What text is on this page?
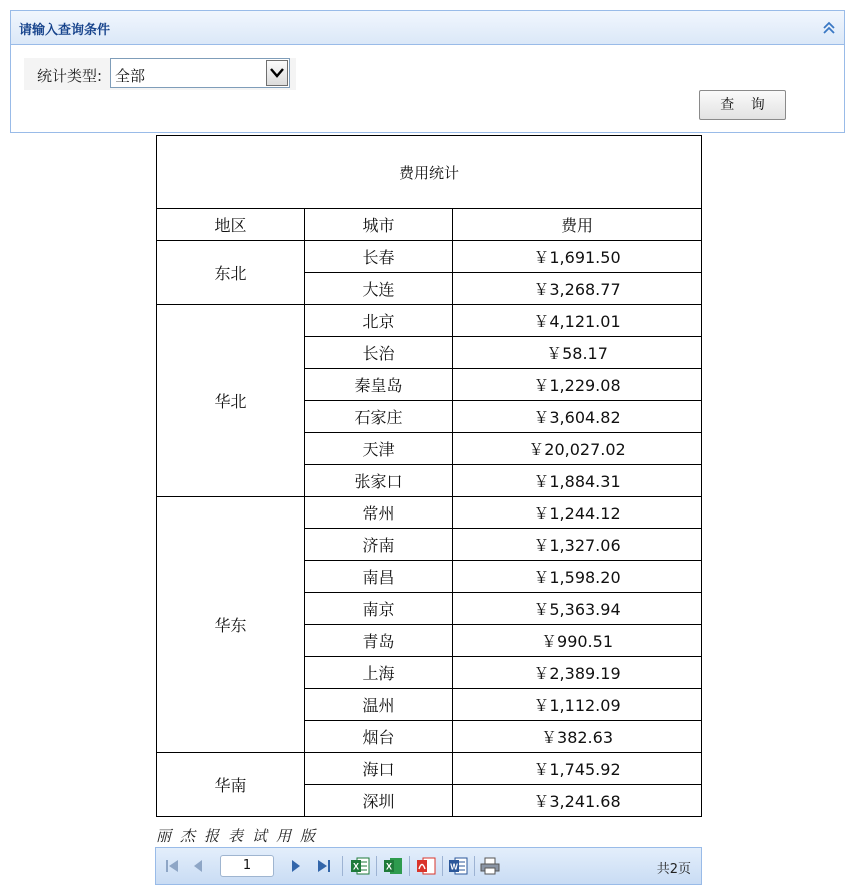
请输入查询条件
统计类型: 全部
查 询
费用统计		
地区	城市	费用
东北	长春	￥1,691.50
	大连	￥3,268.77
华北	北京	￥4,121.01
	长治	￥58.17
	秦皇岛	￥1,229.08
	石家庄	￥3,604.82
	天津	￥20,027.02
	张家口	￥1,884.31
华东	常州	￥1,244.12
	济南	￥1,327.06
	南昌	￥1,598.20
	南京	￥5,363.94
	青岛	￥990.51
	上海	￥2,389.19
	温州	￥1,112.09
	烟台	￥382.63
华南	海口	￥1,745.92
	深圳	￥3,241.68
丽杰报表试用版
1	X	X	W	共2页
